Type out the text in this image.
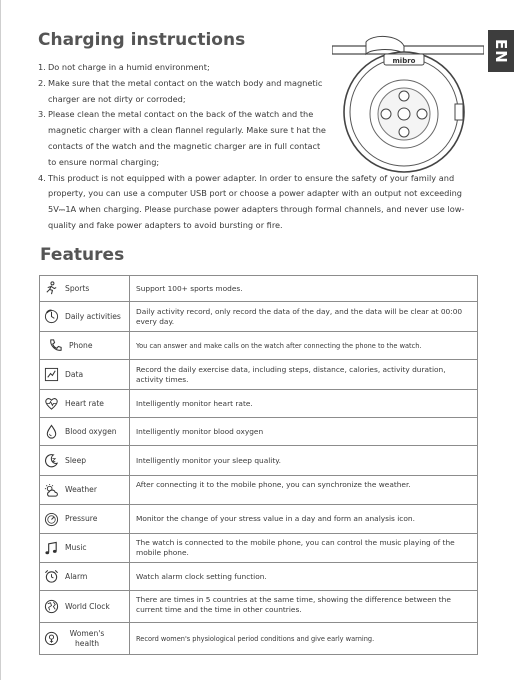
EN
Charging instructions
mibro
1. Do not charge in a humid environment;
2. Make sure that the metal contact on the watch body and magnetic charger are not dirty or corroded;
3. Please clean the metal contact on the back of the watch and the magnetic charger with a clean flannel regularly. Make sure t hat the contacts of the watch and the magnetic charger are in full contact to ensure normal charging;
4. This product is not equipped with a power adapter. In order to ensure the safety of your family and property, you can use a computer USB port or choose a power adapter with an output not exceeding 5V⎓1A when charging. Please purchase power adapters through formal channels, and never use low-quality and fake power adapters to avoid bursting or fire.
Features
Sports	Support 100+ sports modes.

Daily activities	Daily activity record, only record the data of the day, and the data will be clear at 00:00 every day.

Phone	You can answer and make calls on the watch after connecting the phone to the watch.

Data	Record the daily exercise data, including steps, distance, calories, activity duration, activity times.

Heart rate	Intelligently monitor heart rate.

Blood oxygen	Intelligently monitor blood oxygen

Sleep	Intelligently monitor your sleep quality.

Weather	After connecting it to the mobile phone, you can synchronize the weather.

Pressure	Monitor the change of your stress value in a day and form an analysis icon.

Music	The watch is connected to the mobile phone, you can control the music playing of the mobile phone.

Alarm	Watch alarm clock setting function.

World Clock	There are times in 5 countries at the same time, showing the difference between the current time and the time in other countries.

Women's health	Record women's physiological period conditions and give early warning.
